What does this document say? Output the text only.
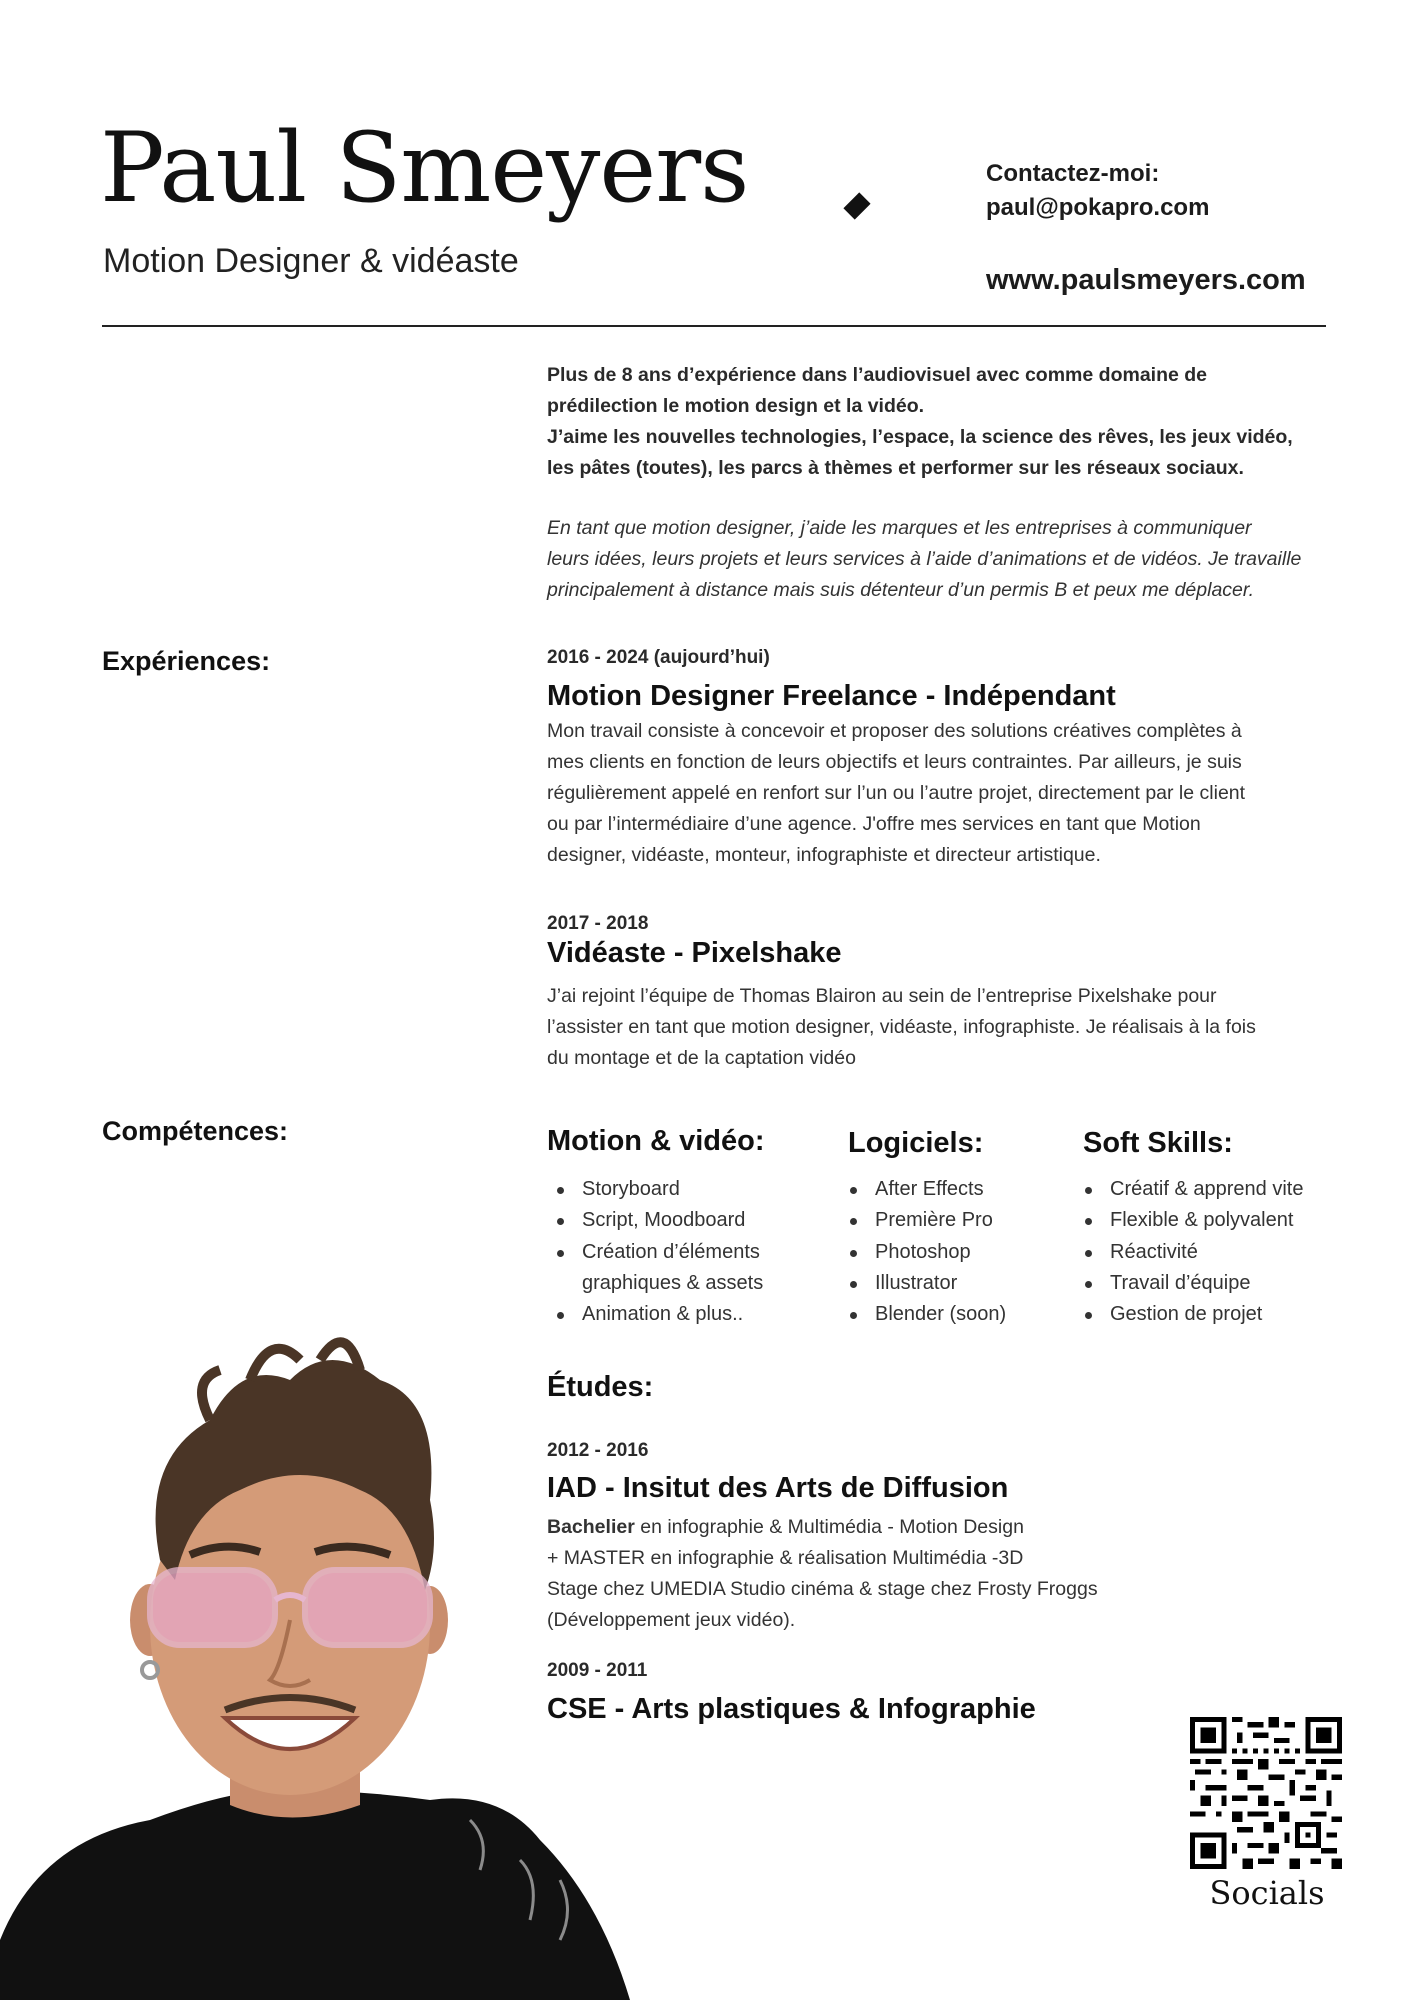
Paul Smeyers
Motion Designer & vidéaste
Contactez-moi:
paul@pokapro.com
www.paulsmeyers.com
Plus de 8 ans d’expérience dans l’audiovisuel avec comme domaine de
prédilection le motion design et la vidéo.
J’aime les nouvelles technologies, l’espace, la science des rêves, les jeux vidéo,
les pâtes (toutes), les parcs à thèmes et performer sur les réseaux sociaux.
En tant que motion designer, j’aide les marques et les entreprises à communiquer
leurs idées, leurs projets et leurs services à l’aide d’animations et de vidéos. Je travaille
principalement à distance mais suis détenteur d’un permis B et peux me déplacer.
Expériences:	2016 - 2024 (aujourd’hui)
Motion Designer Freelance - Indépendant
Mon travail consiste à concevoir et proposer des solutions créatives complètes à
mes clients en fonction de leurs objectifs et leurs contraintes. Par ailleurs, je suis
régulièrement appelé en renfort sur l’un ou l’autre projet, directement par le client
ou par l’intermédiaire d’une agence. J'offre mes services en tant que Motion
designer, vidéaste, monteur, infographiste et directeur artistique.
2017 - 2018
Vidéaste - Pixelshake
J’ai rejoint l’équipe de Thomas Blairon au sein de l’entreprise Pixelshake pour
l’assister en tant que motion designer, vidéaste, infographiste. Je réalisais à la fois
du montage et de la captation vidéo
Compétences:	Motion & vidéo:
Storyboard
Script, Moodboard
Création d’éléments graphiques & assets
Animation & plus..
Logiciels:
After Effects
Première Pro
Photoshop
Illustrator
Blender (soon)
Soft Skills:
Créatif & apprend vite
Flexible & polyvalent
Réactivité
Travail d’équipe
Gestion de projet
Études:
2012 - 2016
IAD - Insitut des Arts de Diffusion
Bachelier en infographie & Multimédia - Motion Design
+ MASTER en infographie & réalisation Multimédia -3D
Stage chez UMEDIA Studio cinéma & stage chez Frosty Froggs
(Développement jeux vidéo).
2009 - 2011
CSE - Arts plastiques & Infographie
Socials
